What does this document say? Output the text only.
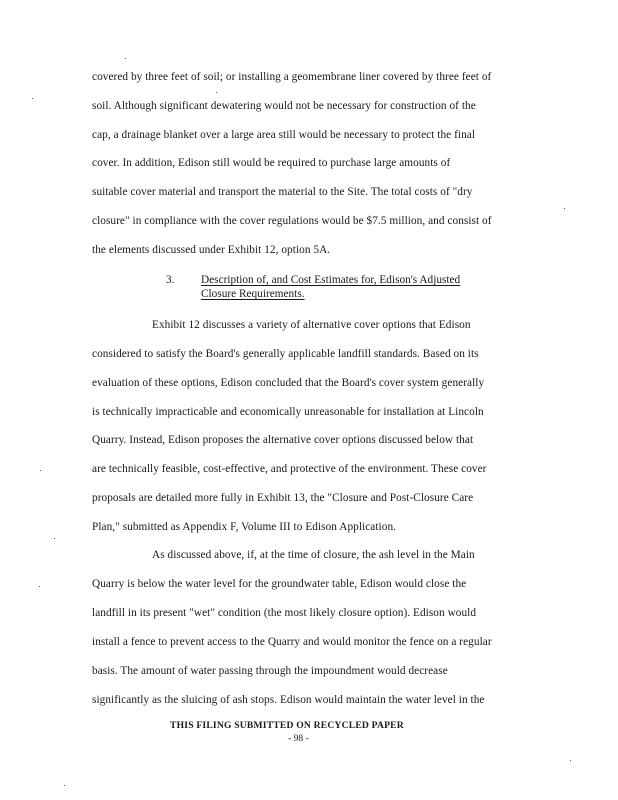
covered by three feet of soil; or installing a geomembrane liner covered by three feet of
soil. Although significant dewatering would not be necessary for construction of the
cap, a drainage blanket over a large area still would be necessary to protect the final
cover. In addition, Edison still would be required to purchase large amounts of
suitable cover material and transport the material to the Site. The total costs of "dry
closure" in compliance with the cover regulations would be $7.5 million, and consist of
the elements discussed under Exhibit 12, option 5A.
3. Description of, and Cost Estimates for, Edison's Adjusted
Closure Requirements.
Exhibit 12 discusses a variety of alternative cover options that Edison
considered to satisfy the Board's generally applicable landfill standards. Based on its
evaluation of these options, Edison concluded that the Board's cover system generally
is technically impracticable and economically unreasonable for installation at Lincoln
Quarry. Instead, Edison proposes the alternative cover options discussed below that
are technically feasible, cost-effective, and protective of the environment. These cover
proposals are detailed more fully in Exhibit 13, the "Closure and Post-Closure Care
Plan," submitted as Appendix F, Volume III to Edison Application.
As discussed above, if, at the time of closure, the ash level in the Main
Quarry is below the water level for the groundwater table, Edison would close the
landfill in its present "wet" condition (the most likely closure option). Edison would
install a fence to prevent access to the Quarry and would monitor the fence on a regular
basis. The amount of water passing through the impoundment would decrease
significantly as the sluicing of ash stops. Edison would maintain the water level in the
THIS FILING SUBMITTED ON RECYCLED PAPER
- 98 -
